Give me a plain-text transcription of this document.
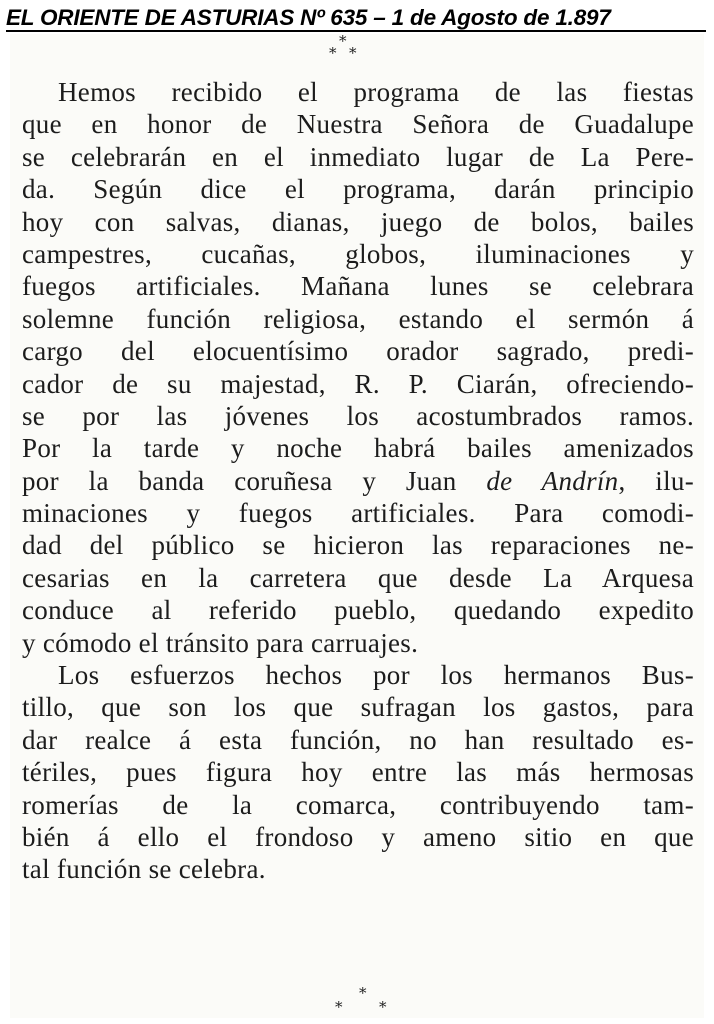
EL ORIENTE DE ASTURIAS Nº 635 – 1 de Agosto de 1.897
*
* *
Hemos recibido el programa de las fiestas
que en honor de Nuestra Señora de Guadalupe
se celebrarán en el inmediato lugar de La Pere-
da. Según dice el programa, darán principio
hoy con salvas, dianas, juego de bolos, bailes
campestres, cucañas, globos, iluminaciones y
fuegos artificiales. Mañana lunes se celebrara
solemne función religiosa, estando el sermón á
cargo del elocuentísimo orador sagrado, predi-
cador de su majestad, R. P. Ciarán, ofreciendo-
se por las jóvenes los acostumbrados ramos.
Por la tarde y noche habrá bailes amenizados
por la banda coruñesa y Juan de Andrín, ilu-
minaciones y fuegos artificiales. Para comodi-
dad del público se hicieron las reparaciones ne-
cesarias en la carretera que desde La Arquesa
conduce al referido pueblo, quedando expedito
y cómodo el tránsito para carruajes.
Los esfuerzos hechos por los hermanos Bus-
tillo, que son los que sufragan los gastos, para
dar realce á esta función, no han resultado es-
tériles, pues figura hoy entre las más hermosas
romerías de la comarca, contribuyendo tam-
bién á ello el frondoso y ameno sitio en que
tal función se celebra.
*
* *
